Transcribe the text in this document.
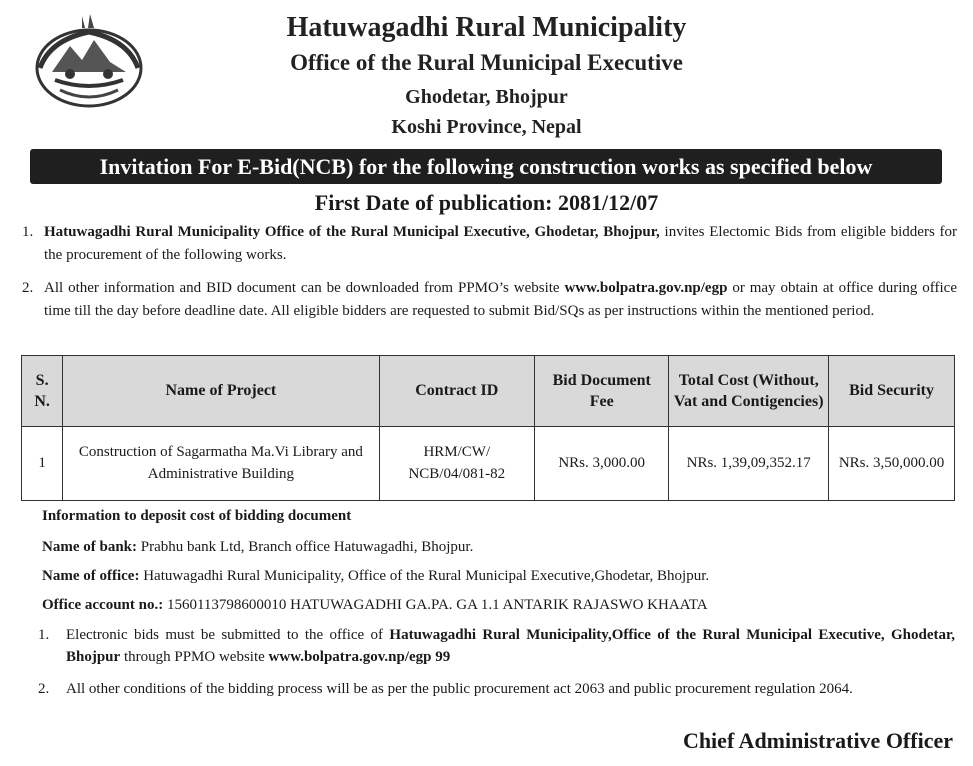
Hatuwagadhi Rural Municipality
Office of the Rural Municipal Executive
Ghodetar, Bhojpur
Koshi Province, Nepal
Invitation For E-Bid(NCB) for the following construction works as specified below
First Date of publication: 2081/12/07
1. Hatuwagadhi Rural Municipality Office of the Rural Municipal Executive, Ghodetar, Bhojpur, invites Electomic Bids from eligible bidders for the procurement of the following works.
2. All other information and BID document can be downloaded from PPMO’s website www.bolpatra.gov.np/egp or may obtain at office during office time till the day before deadline date. All eligible bidders are requested to submit Bid/SQs as per instructions within the mentioned period.
S. N.	Name of Project	Contract ID	Bid Document Fee	Total Cost (Without, Vat and Contigencies)	Bid Security
1	Construction of Sagarmatha Ma.Vi Library and Administrative Building	HRM/CW/ NCB/04/081-82	NRs. 3,000.00	NRs. 1,39,09,352.17	NRs. 3,50,000.00
Information to deposit cost of bidding document
Name of bank: Prabhu bank Ltd, Branch office Hatuwagadhi, Bhojpur.
Name of office: Hatuwagadhi Rural Municipality, Office of the Rural Municipal Executive,Ghodetar, Bhojpur.
Office account no.: 1560113798600010 HATUWAGADHI GA.PA. GA 1.1 ANTARIK RAJASWO KHAATA
1. Electronic bids must be submitted to the office of Hatuwagadhi Rural Municipality,Office of the Rural Municipal Executive, Ghodetar, Bhojpur through PPMO website www.bolpatra.gov.np/egp 99
2. All other conditions of the bidding process will be as per the public procurement act 2063 and public procurement regulation 2064.
Chief Administrative Officer
